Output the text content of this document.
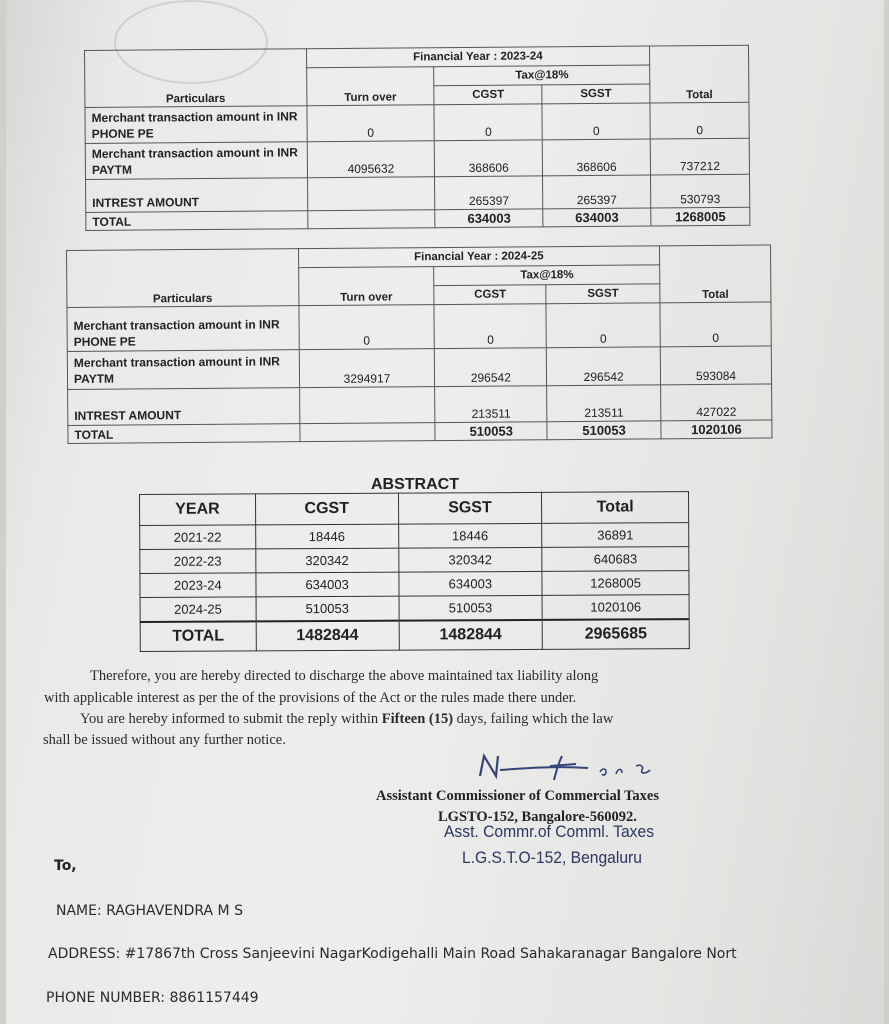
Particulars	Financial Year : 2023-24			Total
	Turn over	Tax@18%		
		CGST	SGST	
Merchant transaction amount in INR PHONE PE	0	0	0	0
Merchant transaction amount in INR PAYTM	4095632	368606	368606	737212
INTREST AMOUNT		265397	265397	530793
TOTAL		634003	634003	1268005
Particulars	Financial Year : 2024-25			Total
	Turn over	Tax@18%		
		CGST	SGST	
Merchant transaction amount in INR PHONE PE	0	0	0	0
Merchant transaction amount in INR PAYTM	3294917	296542	296542	593084
INTREST AMOUNT		213511	213511	427022
TOTAL		510053	510053	1020106
ABSTRACT
YEAR	CGST	SGST	Total
2021-22	18446	18446	36891
2022-23	320342	320342	640683
2023-24	634003	634003	1268005
2024-25	510053	510053	1020106
TOTAL	1482844	1482844	2965685
Therefore, you are hereby directed to discharge the above maintained tax liability along
with applicable interest as per the of the provisions of the Act or the rules made there under.
You are hereby informed to submit the reply within Fifteen (15) days, failing which the law
shall be issued without any further notice.
Assistant Commissioner of Commercial Taxes
LGSTO-152, Bangalore-560092.
Asst. Commr.of Comml. Taxes
L.G.S.T.O-152, Bengaluru
To,
NAME: RAGHAVENDRA M S
ADDRESS: #17867th Cross Sanjeevini NagarKodigehalli Main Road Sahakaranagar Bangalore Nort
PHONE NUMBER: 8861157449
